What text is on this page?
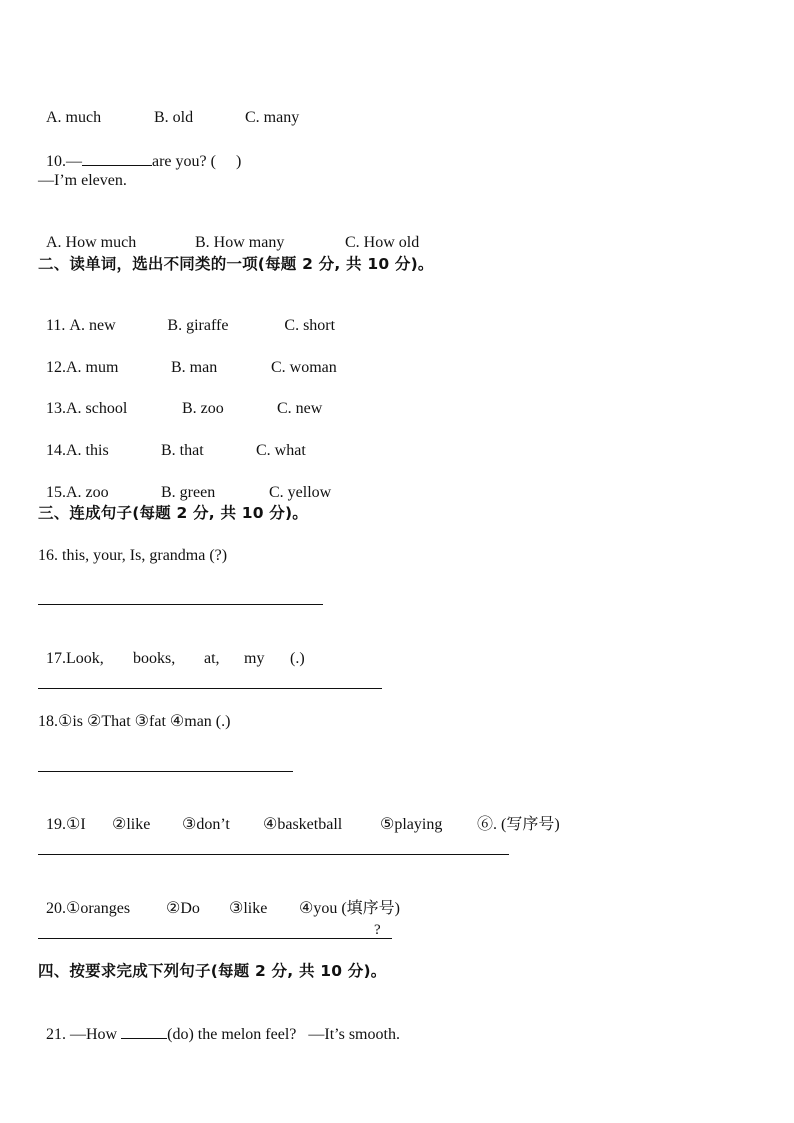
A. much	B. old	C. many

10.—	are you? (     )

—I’m eleven.

A. How much	B. How many	C. How old

二、读单词，选出不同类的一项(每题 2 分, 共 10 分)。

11. A. new	B. giraffe	C. short

12.A. mum	B. man	C. woman

13.A. school	B. zoo	C. new

14.A. this	B. that	C. what

15.A. zoo	B. green	C. yellow

三、连成句子(每题 2 分, 共 10 分)。
16. this, your, Is, grandma (?)

17.Look, books, at, my (.)

18.①is ②That ③fat ④man (.)

19.①I ②like ③don’t ④basketball ⑤playing ⑥. (写序号)

20.①oranges ②Do ③like ④you (填序号)

?
四、按要求完成下列句子(每题 2 分, 共 10 分)。

21. —How	(do) the melon feel?   —It’s smooth.
